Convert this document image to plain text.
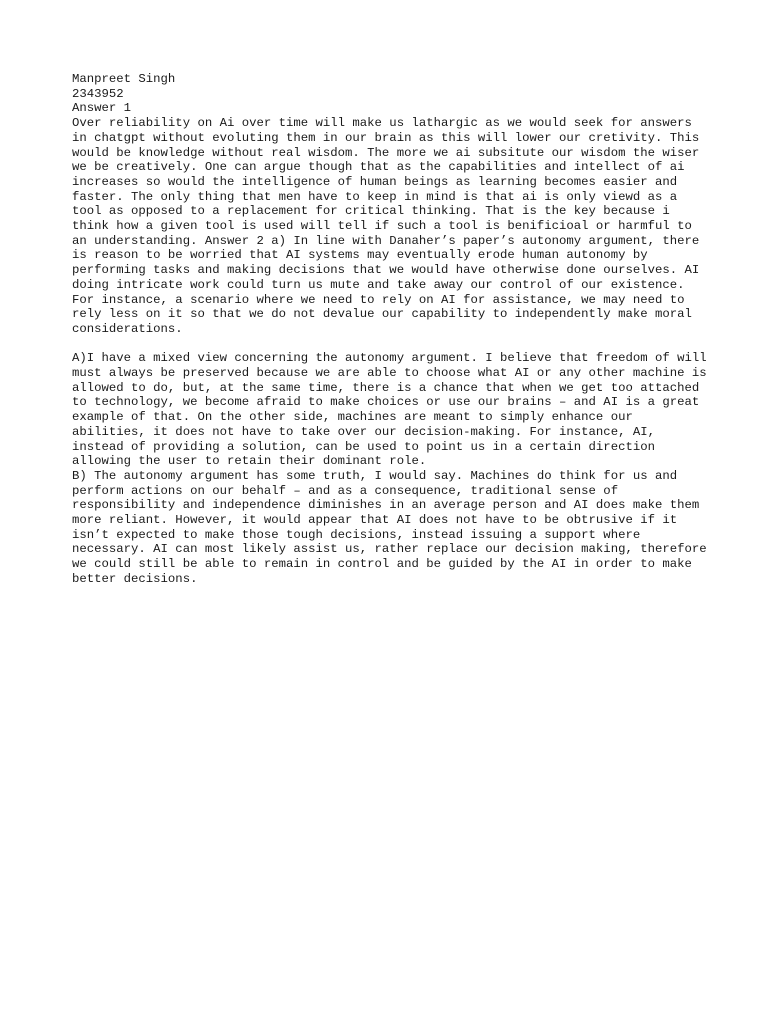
Manpreet Singh

2343952

Answer 1

Over reliability on Ai over time will make us lathargic as we would seek for answers in chatgpt without evoluting them in our brain as this will lower our cretivity. This would be knowledge without real wisdom. The more we ai subsitute our wisdom the wiser we be creatively. One can argue though that as the capabilities and intellect of ai increases so would the intelligence of human beings as learning becomes easier and faster. The only thing that men have to keep in mind is that ai is only viewd as a tool as opposed to a replacement for critical thinking. That is the key because i think how a given tool is used will tell if such a tool is benificioal or harmful to an understanding. Answer 2 a) In line with Danaher’s paper’s autonomy argument, there is reason to be worried that AI systems may eventually erode human autonomy by performing tasks and making decisions that we would have otherwise done ourselves. AI doing intricate work could turn us mute and take away our control of our existence. For instance, a scenario where we need to rely on AI for assistance, we may need to rely less on it so that we do not devalue our capability to independently make moral considerations.

A)I have a mixed view concerning the autonomy argument. I believe that freedom of will must always be preserved because we are able to choose what AI or any other machine is allowed to do, but, at the same time, there is a chance that when we get too attached to technology, we become afraid to make choices or use our brains – and AI is a great example of that. On the other side, machines are meant to simply enhance our abilities, it does not have to take over our decision-making. For instance, AI, instead of providing a solution, can be used to point us in a certain direction allowing the user to retain their dominant role.

B) The autonomy argument has some truth, I would say. Machines do think for us and perform actions on our behalf – and as a consequence, traditional sense of responsibility and independence diminishes in an average person and AI does make them more reliant. However, it would appear that AI does not have to be obtrusive if it isn’t expected to make those tough decisions, instead issuing a support where necessary. AI can most likely assist us, rather replace our decision making, therefore we could still be able to remain in control and be guided by the AI in order to make better decisions.
